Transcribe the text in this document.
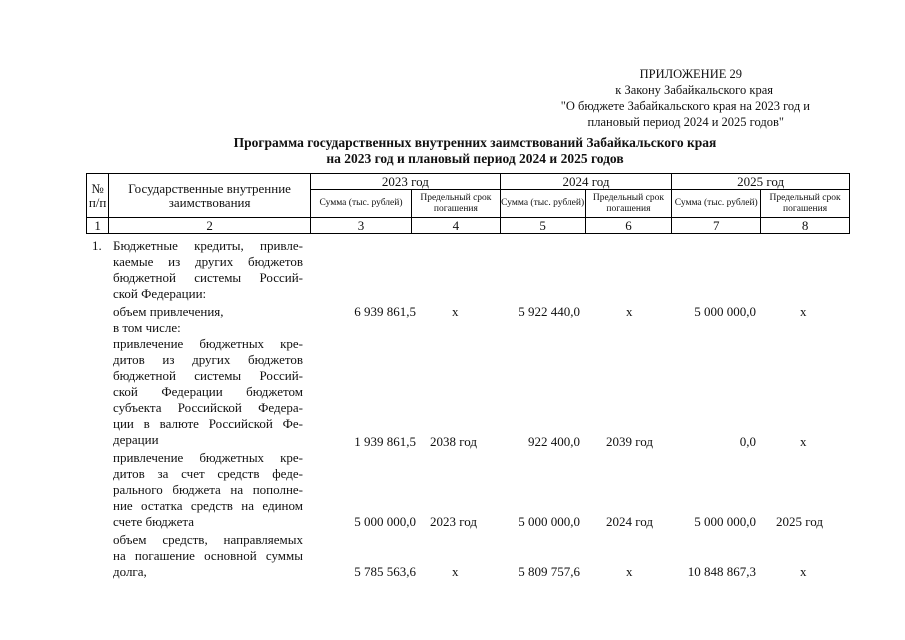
ПРИЛОЖЕНИЕ 29
к Закону Забайкальского края
"О бюджете Забайкальского края на 2023 год и
плановый период 2024 и 2025 годов"
Программа государственных внутренних заимствований Забайкальского края
на 2023 год и плановый период 2024 и 2025 годов
№ п/п	Государственные внутренние заимствования	2023 год		2024 год		2025 год	
		Сумма (тыс. рублей)	Предельный срок погашения	Сумма (тыс. рублей)	Предельный срок погашения	Сумма (тыс. рублей)	Предельный срок погашения
1	2	3	4	5	6	7	8
1. Бюджетные кредиты, привле-
каемые из других бюджетов
бюджетной системы Россий-
ской Федерации:
объем привлечения,	6 939 861,5	х	5 922 440,0	х	5 000 000,0	х
в том числе:
привлечение бюджетных кре-
дитов из других бюджетов
бюджетной системы Россий-
ской Федерации бюджетом
субъекта Российской Федера-
ции в валюте Российской Фе-
дерации	1 939 861,5 2038 год	922 400,0 2039 год	0,0	х
привлечение бюджетных кре-
дитов за счет средств феде-
рального бюджета на пополне-
ние остатка средств на едином
счете бюджета	5 000 000,0 2023 год	5 000 000,0 2024 год	5 000 000,0 2025 год
объем средств, направляемых
на погашение основной суммы
долга,	5 785 563,6	х	5 809 757,6	х	10 848 867,3	х
